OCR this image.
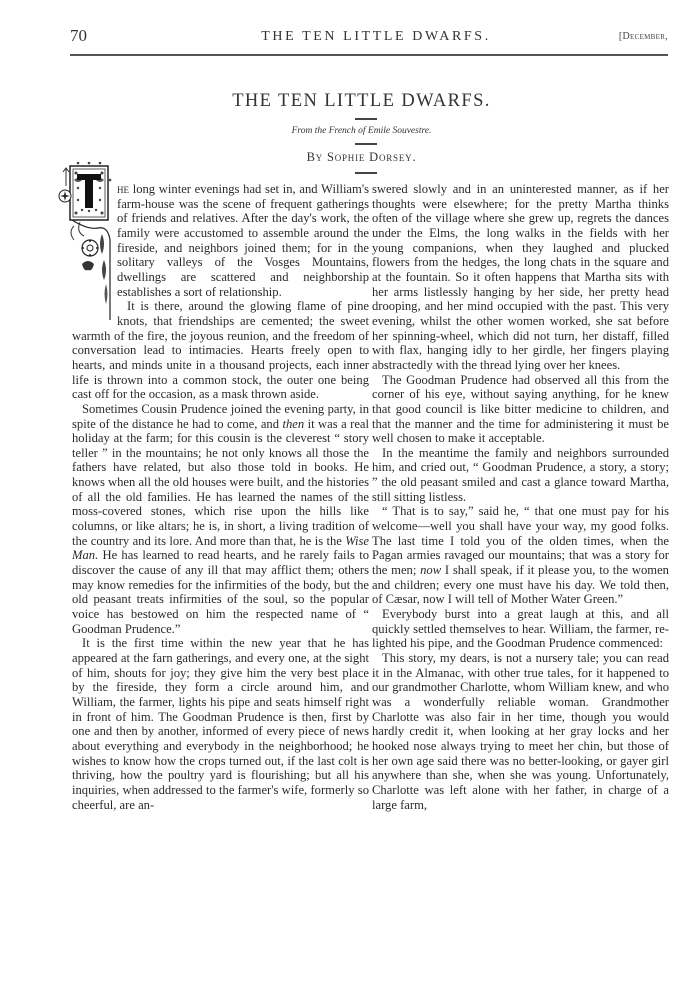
70	THE TEN LITTLE DWARFS.	[December,
THE TEN LITTLE DWARFS.
From the French of Emile Souvestre.
By Sophie Dorsey.

he long winter evenings had set in, and William's farm-house was the scene of frequent gatherings of friends and relatives. After the day's work, the family were accustomed to assemble around the fireside, and neighbors joined them; for in the solitary valleys of the Vosges Mountains, dwellings are scattered and neighborship establishes a sort of relationship.

It is there, around the glowing flame of pine knots, that friendships are cemented; the sweet warmth of the fire, the joyous reunion, and the freedom of conversation lead to intimacies. Hearts freely open to hearts, and minds unite in a thousand projects, each inner life is thrown into a common stock, the outer one being cast off for the occasion, as a mask thrown aside.

Sometimes Cousin Prudence joined the evening party, in spite of the distance he had to come, and then it was a real holiday at the farm; for this cousin is the cleverest “ story teller ” in the mountains; he not only knows all those the fathers have related, but also those told in books. He knows when all the old houses were built, and the histories of all the old families. He has learned the names of the moss-covered stones, which rise upon the hills like columns, or like altars; he is, in short, a living tradition of the country and its lore. And more than that, he is the Wise Man. He has learned to read hearts, and he rarely fails to discover the cause of any ill that may afflict them; others may know remedies for the infirmities of the body, but the old peasant treats infirmities of the soul, so the popular voice has bestowed on him the respected name of “ Goodman Prudence.”

It is the first time within the new year that he has appeared at the farn gatherings, and every one, at the sight of him, shouts for joy; they give him the very best place by the fireside, they form a circle around him, and William, the farmer, lights his pipe and seats himself right in front of him. The Goodman Prudence is then, first by one and then by another, informed of every piece of news about everything and everybody in the neighborhood; he wishes to know how the crops turned out, if the last colt is thriving, how the poultry yard is flourishing; but all his inquiries, when addressed to the farmer's wife, formerly so cheerful, are an-

swered slowly and in an uninterested manner, as if her thoughts were elsewhere; for the pretty Martha thinks often of the village where she grew up, regrets the dances under the Elms, the long walks in the fields with her young companions, when they laughed and plucked flowers from the hedges, the long chats in the square and at the fountain. So it often happens that Martha sits with her arms listlessly hanging by her side, her pretty head drooping, and her mind occupied with the past. This very evening, whilst the other women worked, she sat before her spinning-wheel, which did not turn, her distaff, filled with flax, hanging idly to her girdle, her fingers playing abstractedly with the thread lying over her knees.

The Goodman Prudence had observed all this from the corner of his eye, without saying anything, for he knew that good council is like bitter medicine to children, and that the manner and the time for administering it must be well chosen to make it acceptable.

In the meantime the family and neighbors surrounded him, and cried out, “ Goodman Prudence, a story, a story; ” the old peasant smiled and cast a glance toward Martha, still sitting listless.

“ That is to say,” said he, “ that one must pay for his welcome—well you shall have your way, my good folks. The last time I told you of the olden times, when the Pagan armies ravaged our mountains; that was a story for the men; now I shall speak, if it please you, to the women and children; every one must have his day. We told then, of Cæsar, now I will tell of Mother Water Green.”

Everybody burst into a great laugh at this, and all quickly settled themselves to hear. William, the farmer, re-lighted his pipe, and the Goodman Prudence commenced:

This story, my dears, is not a nursery tale; you can read it in the Almanac, with other true tales, for it happened to our grandmother Charlotte, whom William knew, and who was a wonderfully reliable woman. Grandmother Charlotte was also fair in her time, though you would hardly credit it, when looking at her gray locks and her hooked nose always trying to meet her chin, but those of her own age said there was no better-looking, or gayer girl anywhere than she, when she was young. Unfortunately, Charlotte was left alone with her father, in charge of a large farm,
